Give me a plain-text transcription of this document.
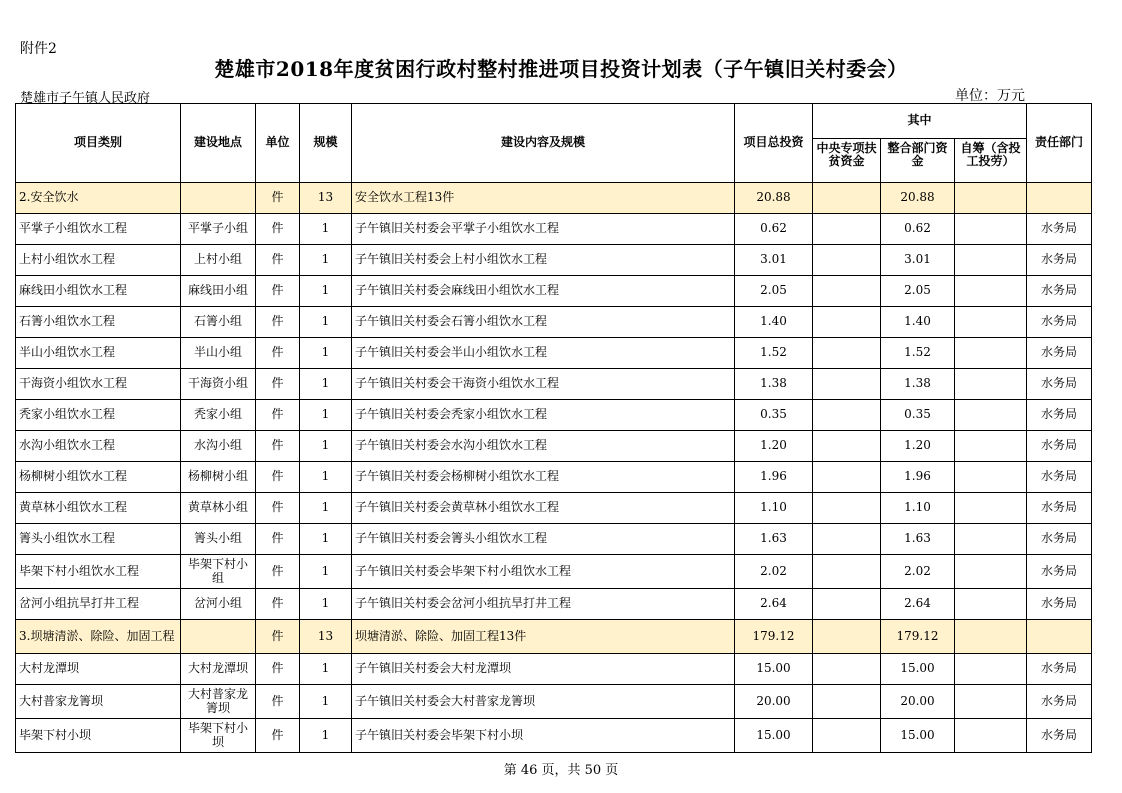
附件2
楚雄市2018年度贫困行政村整村推进项目投资计划表（子午镇旧关村委会）
楚雄市子午镇人民政府	单位：万元
项目类别	建设地点	单位	规模	建设内容及规模	项目总投资	其中			责任部门
						中央专项扶贫资金	整合部门资金	自筹（含投工投劳）	
2.安全饮水		件	13	安全饮水工程13件	20.88		20.88		
平掌子小组饮水工程	平掌子小组	件	1	子午镇旧关村委会平掌子小组饮水工程	0.62		0.62		水务局
上村小组饮水工程	上村小组	件	1	子午镇旧关村委会上村小组饮水工程	3.01		3.01		水务局
麻线田小组饮水工程	麻线田小组	件	1	子午镇旧关村委会麻线田小组饮水工程	2.05		2.05		水务局
石箐小组饮水工程	石箐小组	件	1	子午镇旧关村委会石箐小组饮水工程	1.40		1.40		水务局
半山小组饮水工程	半山小组	件	1	子午镇旧关村委会半山小组饮水工程	1.52		1.52		水务局
干海资小组饮水工程	干海资小组	件	1	子午镇旧关村委会干海资小组饮水工程	1.38		1.38		水务局
秃家小组饮水工程	秃家小组	件	1	子午镇旧关村委会秃家小组饮水工程	0.35		0.35		水务局
水沟小组饮水工程	水沟小组	件	1	子午镇旧关村委会水沟小组饮水工程	1.20		1.20		水务局
杨柳树小组饮水工程	杨柳树小组	件	1	子午镇旧关村委会杨柳树小组饮水工程	1.96		1.96		水务局
黄草林小组饮水工程	黄草林小组	件	1	子午镇旧关村委会黄草林小组饮水工程	1.10		1.10		水务局
箐头小组饮水工程	箐头小组	件	1	子午镇旧关村委会箐头小组饮水工程	1.63		1.63		水务局
毕架下村小组饮水工程	毕架下村小组	件	1	子午镇旧关村委会毕架下村小组饮水工程	2.02		2.02		水务局
岔河小组抗旱打井工程	岔河小组	件	1	子午镇旧关村委会岔河小组抗旱打井工程	2.64		2.64		水务局
3.坝塘清淤、除险、加固工程		件	13	坝塘清淤、除险、加固工程13件	179.12		179.12		
大村龙潭坝	大村龙潭坝	件	1	子午镇旧关村委会大村龙潭坝	15.00		15.00		水务局
大村普家龙箐坝	大村普家龙箐坝	件	1	子午镇旧关村委会大村普家龙箐坝	20.00		20.00		水务局
毕架下村小坝	毕架下村小坝	件	1	子午镇旧关村委会毕架下村小坝	15.00		15.00		水务局
第 46 页，共 50 页
